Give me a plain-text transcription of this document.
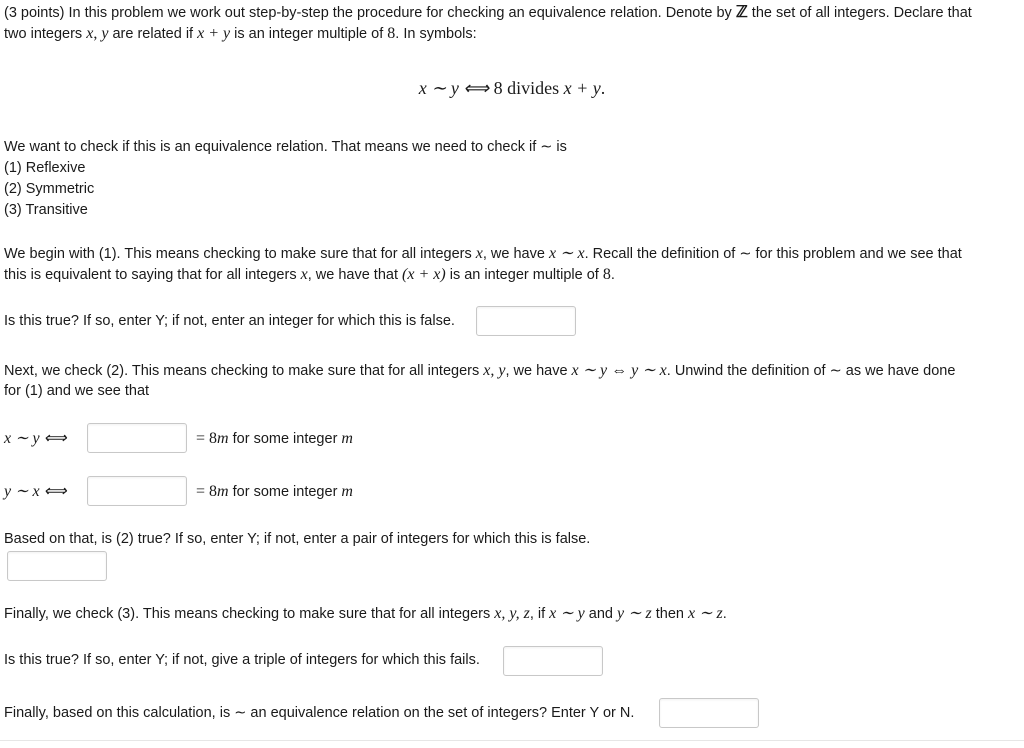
(3 points) In this problem we work out step-by-step the procedure for checking an equivalence relation. Denote by ℤ the set of all integers. Declare that
two integers x, y are related if x + y is an integer multiple of 8. In symbols:
x ∼ y ⟺ 8 divides x + y.
We want to check if this is an equivalence relation. That means we need to check if ∼ is
(1) Reflexive
(2) Symmetric
(3) Transitive
We begin with (1). This means checking to make sure that for all integers x, we have x ∼ x. Recall the definition of ∼ for this problem and we see that
this is equivalent to saying that for all integers x, we have that (x + x) is an integer multiple of 8.
Is this true? If so, enter Y; if not, enter an integer for which this is false.
Next, we check (2). This means checking to make sure that for all integers x, y, we have x ∼ y ⇔ y ∼ x. Unwind the definition of ∼ as we have done
for (1) and we see that
x ∼ y ⟺	= 8m for some integer m
y ∼ x ⟺	= 8m for some integer m
Based on that, is (2) true? If so, enter Y; if not, enter a pair of integers for which this is false.
Finally, we check (3). This means checking to make sure that for all integers x, y, z, if x ∼ y and y ∼ z then x ∼ z.
Is this true? If so, enter Y; if not, give a triple of integers for which this fails.
Finally, based on this calculation, is ∼ an equivalence relation on the set of integers? Enter Y or N.
